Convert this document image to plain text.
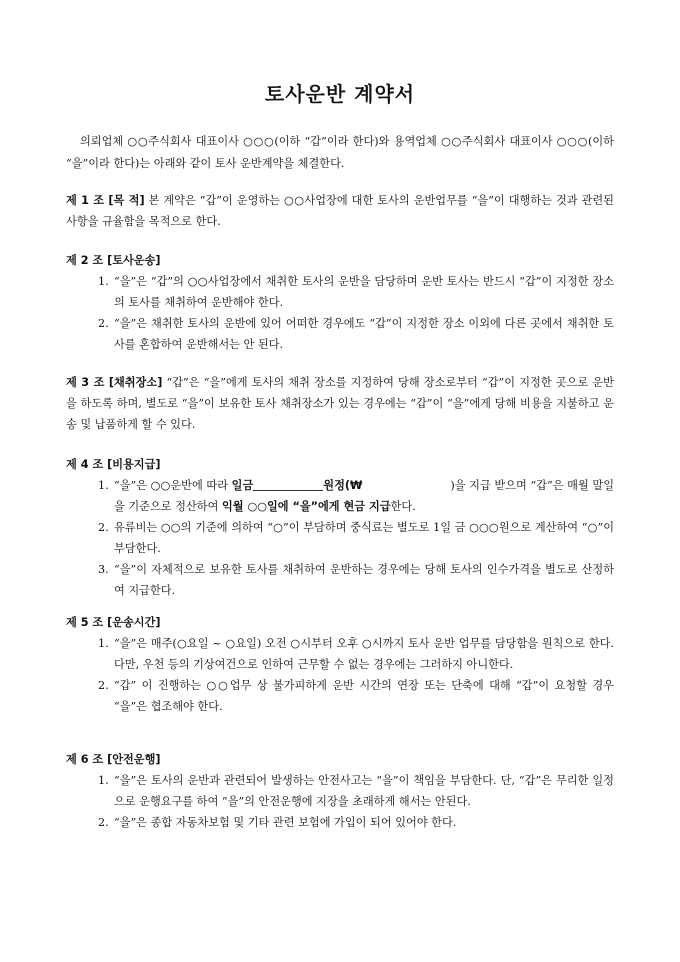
토사운반 계약서
의뢰업체 ○○주식회사 대표이사 ○○○(이하 “갑”이라 한다)와 용역업체 ○○주식회사 대표이사 ○○○(이하 “을”이라 한다)는 아래와 같이 토사 운반계약을 체결한다.
제 1 조 [목 적] 본 계약은 “갑”이 운영하는 ○○사업장에 대한 토사의 운반업무를 “을”이 대행하는 것과 관련된 사항을 규율함을 목적으로 한다.
제 2 조 [토사운송]
1. “을”은 “갑”의 ○○사업장에서 채취한 토사의 운반을 담당하며 운반 토사는 반드시 “갑”이 지정한 장소의 토사를 채취하여 운반해야 한다.
2. “을”은 채취한 토사의 운반에 있어 어떠한 경우에도 “갑”이 지정한 장소 이외에 다른 곳에서 채취한 토사를 혼합하여 운반해서는 안 된다.
제 3 조 [채취장소] “갑”은 “을”에게 토사의 채취 장소를 지정하여 당해 장소로부터 “갑”이 지정한 곳으로 운반을 하도록 하며, 별도로 “을”이 보유한 토사 채취장소가 있는 경우에는 “갑”이 “을”에게 당해 비용을 지불하고 운송 및 납품하게 할 수 있다.
제 4 조 [비용지급]
1. “을”은 ○○운반에 따라 일금	원정(₩	)을 지급 받으며 “갑”은 매월 말일을 기준으로 정산하여 익월 ○○일에 “을”에게 현금 지급한다.
2. 유류비는 ○○의 기준에 의하여 “○”이 부담하며 중식료는 별도로 1일 금 ○○○원으로 계산하여 “○”이 부담한다.
3. “을”이 자체적으로 보유한 토사를 채취하여 운반하는 경우에는 당해 토사의 인수가격을 별도로 산정하여 지급한다.
제 5 조 [운송시간]
1. “을”은 매주(○요일 ~ ○요일) 오전 ○시부터 오후 ○시까지 토사 운반 업무를 담당함을 원칙으로 한다. 다만, 우천 등의 기상여건으로 인하여 근무할 수 없는 경우에는 그러하지 아니한다.
2. “갑” 이 진행하는 ○○업무 상 불가피하게 운반 시간의 연장 또는 단축에 대해 “갑”이 요청할 경우 “을”은 협조해야 한다.
제 6 조 [안전운행]
1. “을”은 토사의 운반과 관련되어 발생하는 안전사고는 “을”이 책임을 부담한다. 단, “갑”은 무리한 일정으로 운행요구를 하여 “을”의 안전운행에 지장을 초래하게 해서는 안된다.
2. “을”은 종합 자동차보험 및 기타 관련 보험에 가입이 되어 있어야 한다.
